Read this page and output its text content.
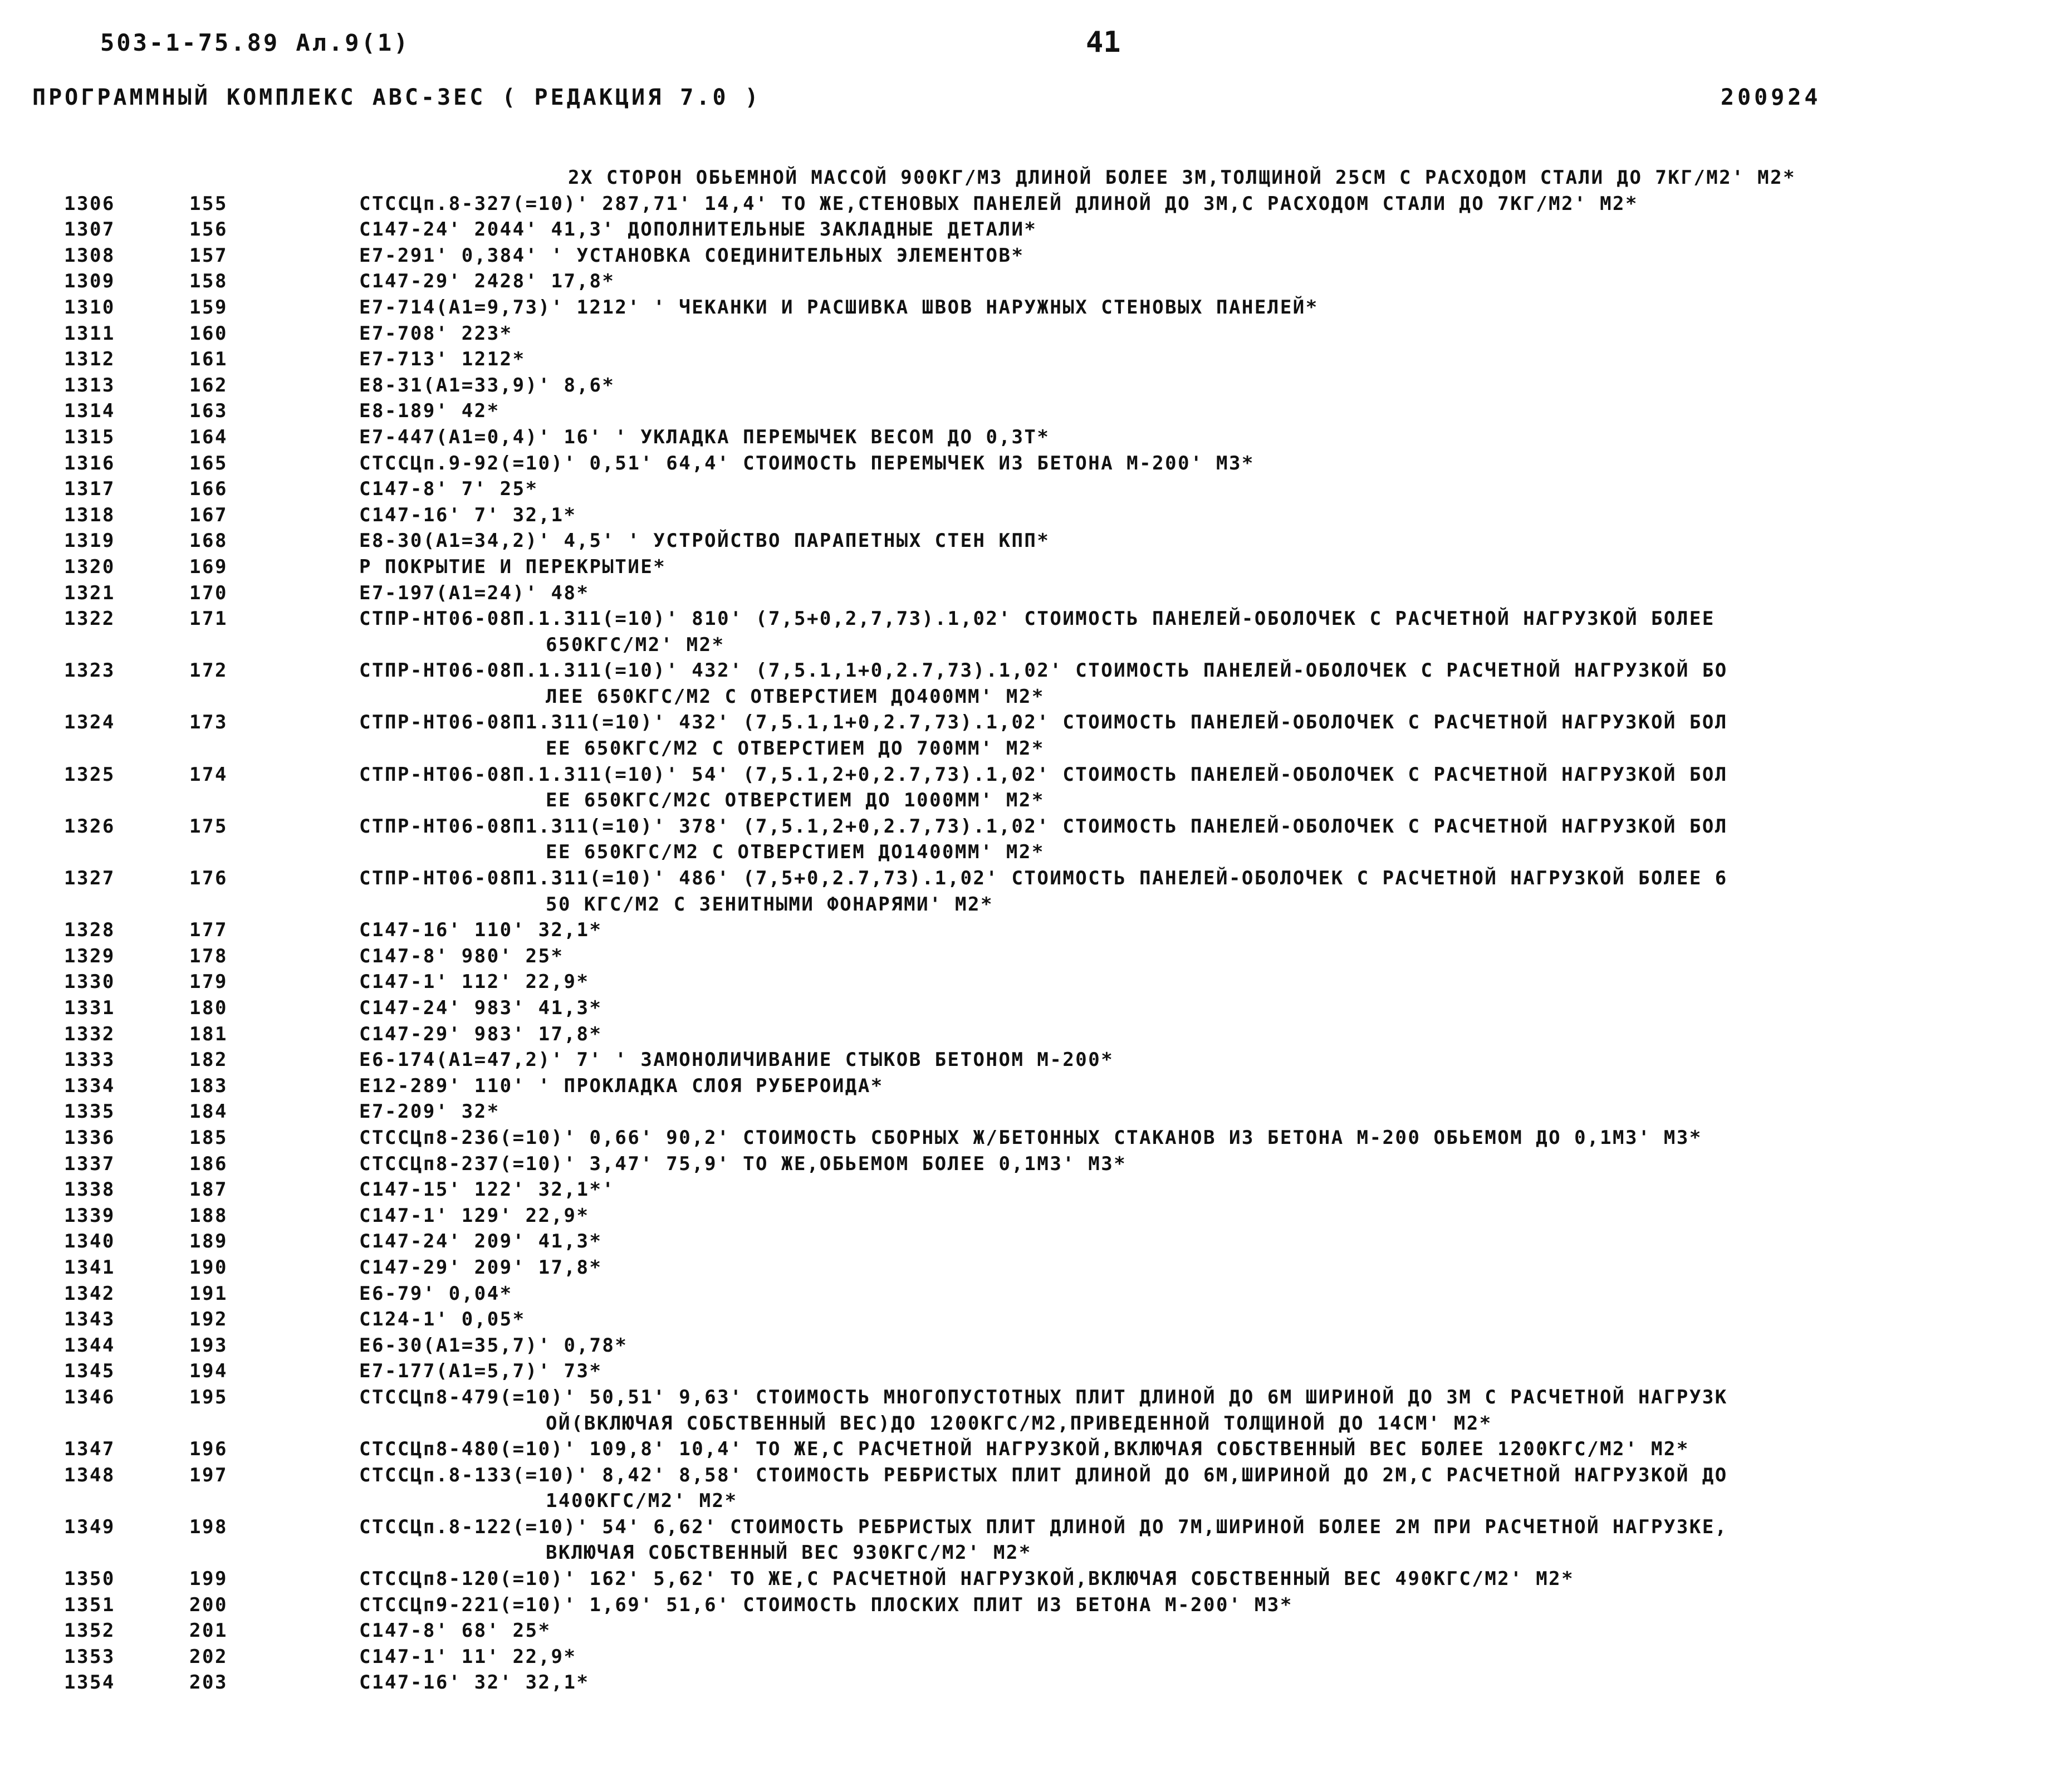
503-1-75.89 Ал.9(1)	41
ПРОГРАММНЫЙ КОМПЛЕКС АВС-ЗЕС ( РЕДАКЦИЯ 7.0 )	200924
2Х СТОРОН ОБЬЕМНОЙ МАССОЙ 900КГ/М3 ДЛИНОЙ БОЛЕЕ 3М,ТОЛЩИНОЙ 25СМ С РАСХОДОМ СТАЛИ ДО 7КГ/М2' М2*
1306	155	СТССЦп.8-327(=10)' 287,71' 14,4' ТО ЖЕ,СТЕНОВЫХ ПАНЕЛЕЙ ДЛИНОЙ ДО 3М,С РАСХОДОМ СТАЛИ ДО 7КГ/М2' М2*
1307	156	С147-24' 2044' 41,3' ДОПОЛНИТЕЛЬНЫЕ ЗАКЛАДНЫЕ ДЕТАЛИ*
1308	157	Е7-291' 0,384' ' УСТАНОВКА СОЕДИНИТЕЛЬНЫХ ЭЛЕМЕНТОВ*
1309	158	С147-29' 2428' 17,8*
1310	159	Е7-714(А1=9,73)' 1212' ' ЧЕКАНКИ И РАСШИВКА ШВОВ НАРУЖНЫХ СТЕНОВЫХ ПАНЕЛЕЙ*
1311	160	Е7-708' 223*
1312	161	Е7-713' 1212*
1313	162	Е8-31(А1=33,9)' 8,6*
1314	163	Е8-189' 42*
1315	164	Е7-447(А1=0,4)' 16' ' УКЛАДКА ПЕРЕМЫЧЕК ВЕСОМ ДО 0,3Т*
1316	165	СТССЦп.9-92(=10)' 0,51' 64,4' СТОИМОСТЬ ПЕРЕМЫЧЕК ИЗ БЕТОНА М-200' М3*
1317	166	С147-8' 7' 25*
1318	167	С147-16' 7' 32,1*
1319	168	Е8-30(А1=34,2)' 4,5' ' УСТРОЙСТВО ПАРАПЕТНЫХ СТЕН КПП*
1320	169	Р ПОКРЫТИЕ И ПЕРЕКРЫТИЕ*
1321	170	Е7-197(А1=24)' 48*
1322	171	СТПР-НТ06-08П.1.311(=10)' 810' (7,5+0,2,7,73).1,02' СТОИМОСТЬ ПАНЕЛЕЙ-ОБОЛОЧЕК С РАСЧЕТНОЙ НАГРУЗКОЙ БОЛЕЕ
650КГС/М2' М2*
1323	172	СТПР-НТ06-08П.1.311(=10)' 432' (7,5.1,1+0,2.7,73).1,02' СТОИМОСТЬ ПАНЕЛЕЙ-ОБОЛОЧЕК С РАСЧЕТНОЙ НАГРУЗКОЙ БО
ЛЕЕ 650КГС/М2 С ОТВЕРСТИЕМ ДО400ММ' М2*
1324	173	СТПР-НТ06-08П1.311(=10)' 432' (7,5.1,1+0,2.7,73).1,02' СТОИМОСТЬ ПАНЕЛЕЙ-ОБОЛОЧЕК С РАСЧЕТНОЙ НАГРУЗКОЙ БОЛ
ЕЕ 650КГС/М2 С ОТВЕРСТИЕМ ДО 700ММ' М2*
1325	174	СТПР-НТ06-08П.1.311(=10)' 54' (7,5.1,2+0,2.7,73).1,02' СТОИМОСТЬ ПАНЕЛЕЙ-ОБОЛОЧЕК С РАСЧЕТНОЙ НАГРУЗКОЙ БОЛ
ЕЕ 650КГС/М2С ОТВЕРСТИЕМ ДО 1000ММ' М2*
1326	175	СТПР-НТ06-08П1.311(=10)' 378' (7,5.1,2+0,2.7,73).1,02' СТОИМОСТЬ ПАНЕЛЕЙ-ОБОЛОЧЕК С РАСЧЕТНОЙ НАГРУЗКОЙ БОЛ
ЕЕ 650КГС/М2 С ОТВЕРСТИЕМ ДО1400ММ' М2*
1327	176	СТПР-НТ06-08П1.311(=10)' 486' (7,5+0,2.7,73).1,02' СТОИМОСТЬ ПАНЕЛЕЙ-ОБОЛОЧЕК С РАСЧЕТНОЙ НАГРУЗКОЙ БОЛЕЕ 6
50 КГС/М2 С ЗЕНИТНЫМИ ФОНАРЯМИ' М2*
1328	177	С147-16' 110' 32,1*
1329	178	С147-8' 980' 25*
1330	179	С147-1' 112' 22,9*
1331	180	С147-24' 983' 41,3*
1332	181	С147-29' 983' 17,8*
1333	182	Е6-174(А1=47,2)' 7' ' ЗАМОНОЛИЧИВАНИЕ СТЫКОВ БЕТОНОМ М-200*
1334	183	Е12-289' 110' ' ПРОКЛАДКА СЛОЯ РУБЕРОИДА*
1335	184	Е7-209' 32*
1336	185	СТССЦп8-236(=10)' 0,66' 90,2' СТОИМОСТЬ СБОРНЫХ Ж/БЕТОННЫХ СТАКАНОВ ИЗ БЕТОНА М-200 ОБЬЕМОМ ДО 0,1М3' М3*
1337	186	СТССЦп8-237(=10)' 3,47' 75,9' ТО ЖЕ,ОБЬЕМОМ БОЛЕЕ 0,1М3' М3*
1338	187	С147-15' 122' 32,1*'
1339	188	С147-1' 129' 22,9*
1340	189	С147-24' 209' 41,3*
1341	190	С147-29' 209' 17,8*
1342	191	Е6-79' 0,04*
1343	192	С124-1' 0,05*
1344	193	Е6-30(А1=35,7)' 0,78*
1345	194	Е7-177(А1=5,7)' 73*
1346	195	СТССЦп8-479(=10)' 50,51' 9,63' СТОИМОСТЬ МНОГОПУСТОТНЫХ ПЛИТ ДЛИНОЙ ДО 6М ШИРИНОЙ ДО 3М С РАСЧЕТНОЙ НАГРУЗК
ОЙ(ВКЛЮЧАЯ СОБСТВЕННЫЙ ВЕС)ДО 1200КГС/М2,ПРИВЕДЕННОЙ ТОЛЩИНОЙ ДО 14СМ' М2*
1347	196	СТССЦп8-480(=10)' 109,8' 10,4' ТО ЖЕ,С РАСЧЕТНОЙ НАГРУЗКОЙ,ВКЛЮЧАЯ СОБСТВЕННЫЙ ВЕС БОЛЕЕ 1200КГС/М2' М2*
1348	197	СТССЦп.8-133(=10)' 8,42' 8,58' СТОИМОСТЬ РЕБРИСТЫХ ПЛИТ ДЛИНОЙ ДО 6М,ШИРИНОЙ ДО 2М,С РАСЧЕТНОЙ НАГРУЗКОЙ ДО
1400КГС/М2' М2*
1349	198	СТССЦп.8-122(=10)' 54' 6,62' СТОИМОСТЬ РЕБРИСТЫХ ПЛИТ ДЛИНОЙ ДО 7М,ШИРИНОЙ БОЛЕЕ 2М ПРИ РАСЧЕТНОЙ НАГРУЗКЕ,
ВКЛЮЧАЯ СОБСТВЕННЫЙ ВЕС 930КГС/М2' М2*
1350	199	СТССЦп8-120(=10)' 162' 5,62' ТО ЖЕ,С РАСЧЕТНОЙ НАГРУЗКОЙ,ВКЛЮЧАЯ СОБСТВЕННЫЙ ВЕС 490КГС/М2' М2*
1351	200	СТССЦп9-221(=10)' 1,69' 51,6' СТОИМОСТЬ ПЛОСКИХ ПЛИТ ИЗ БЕТОНА М-200' М3*
1352	201	С147-8' 68' 25*
1353	202	С147-1' 11' 22,9*
1354	203	С147-16' 32' 32,1*
